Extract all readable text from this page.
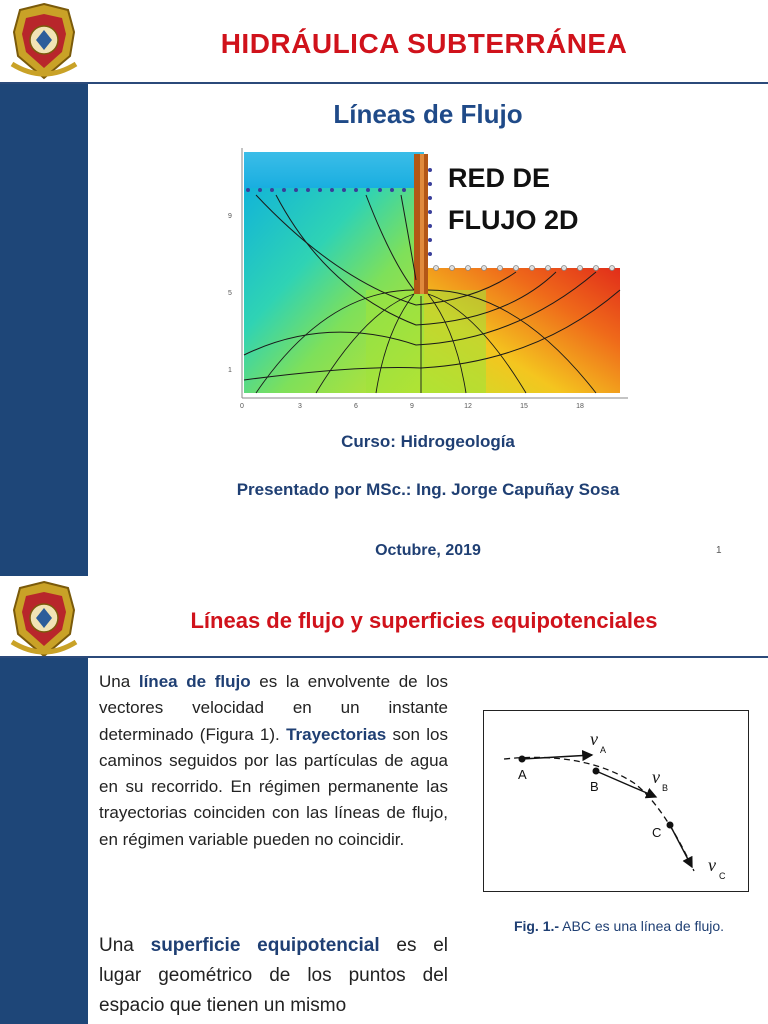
HIDRÁULICA SUBTERRÁNEA
Líneas de Flujo
0	3	6	9	12	15	18
9
5
1
RED DE
FLUJO 2D
Curso: Hidrogeología
Presentado por MSc.: Ing. Jorge Capuñay Sosa
Octubre, 2019	1
Líneas de flujo y superficies equipotenciales
Una línea de flujo es la envolvente de los vectores velocidad en un instante determinado (Figura 1). Trayectorias son los caminos seguidos por las partículas de agua en su recorrido. En régimen permanente las trayectorias coinciden con las líneas de flujo, en régimen variable pueden no coincidir.
Una superficie equipotencial es el lugar geométrico de los puntos del espacio que tienen un mismo
A
B
C
v
A
v
B
v
C
Fig. 1.- ABC es una línea de flujo.
